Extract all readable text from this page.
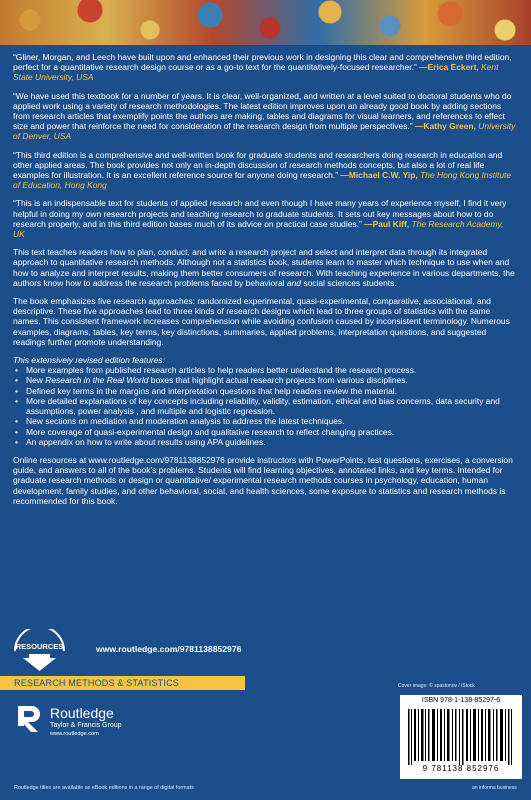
“Gliner, Morgan, and Leech have built upon and enhanced their previous work in designing this clear and comprehensive third edition, perfect for a quantitative research design course or as a go-to text for the quantitatively-focused researcher.” —Erica Eckert, Kent State University, USA

“We have used this textbook for a number of years. It is clear, well-organized, and written at a level suited to doctoral students who do applied work using a variety of research methodologies. The latest edition improves upon an already good book by adding sections from research articles that exemplify points the authors are making, tables and diagrams for visual learners, and references to effect size and power that reinforce the need for consideration of the research design from multiple perspectives.” —Kathy Green, University of Denver, USA

“This third edition is a comprehensive and well-written book for graduate students and researchers doing research in education and other applied areas. The book provides not only an in-depth discussion of research methods concepts, but also a lot of real life examples for illustration. It is an excellent reference source for anyone doing research.” —Michael C.W. Yip, The Hong Kong Institute of Education, Hong Kong

“This is an indispensable text for students of applied research and even though I have many years of experience myself, I find it very helpful in doing my own research projects and teaching research to graduate students. It sets out key messages about how to do research properly, and in this third edition bases much of its advice on practical case studies.” —Paul Kiff, The Research Academy, UK

This text teaches readers how to plan, conduct, and write a research project and select and interpret data through its integrated approach to quantitative research methods. Although not a statistics book, students learn to master which technique to use when and how to analyze and interpret results, making them better consumers of research. With teaching experience in various departments, the authors know how to address the research problems faced by behavioral and social sciences students.

The book emphasizes five research approaches: randomized experimental, quasi-experimental, comparative, associational, and descriptive. These five approaches lead to three kinds of research designs which lead to three groups of statistics with the same names. This consistent framework increases comprehension while avoiding confusion caused by inconsistent terminology. Numerous examples, diagrams, tables, key terms, key distinctions, summaries, applied problems, interpretation questions, and suggested readings further promote understanding.

This extensively revised edition features:
• More examples from published research articles to help readers better understand the research process.
• New Research in the Real World boxes that highlight actual research projects from various disciplines.
• Defined key terms in the margins and interpretation questions that help readers review the material.
• More detailed explanations of key concepts including reliability, validity, estimation, ethical and bias concerns, data security and assumptions, power analysis , and multiple and logistic regression.
• New sections on mediation and moderation analysis to address the latest techniques.
• More coverage of quasi-experimental design and qualitative research to reflect changing practices.
• An appendix on how to write about results using APA guidelines.

Online resources at www.routledge.com/9781138852976 provide instructors with PowerPoints, test questions, exercises, a conversion guide, and answers to all of the book’s problems. Students will find learning objectives, annotated links, and key terms. Intended for graduate research methods or design or quantitative/ experimental research methods courses in psychology, education, human development, family studies, and other behavioral, social, and health sciences, some exposure to statistics and research methods is recommended for this book.

RESOURCES	www.routledge.com/9781138852976
RESEARCH METHODS & STATISTICS	Cover image: © spastonov / iStock
Routledge
Taylor & Francis Group
www.routledge.com
ISBN 978-1-138-85297-6
9 781138 852976
Routledge titles are available as eBook editions in a range of digital formats	an informa business
